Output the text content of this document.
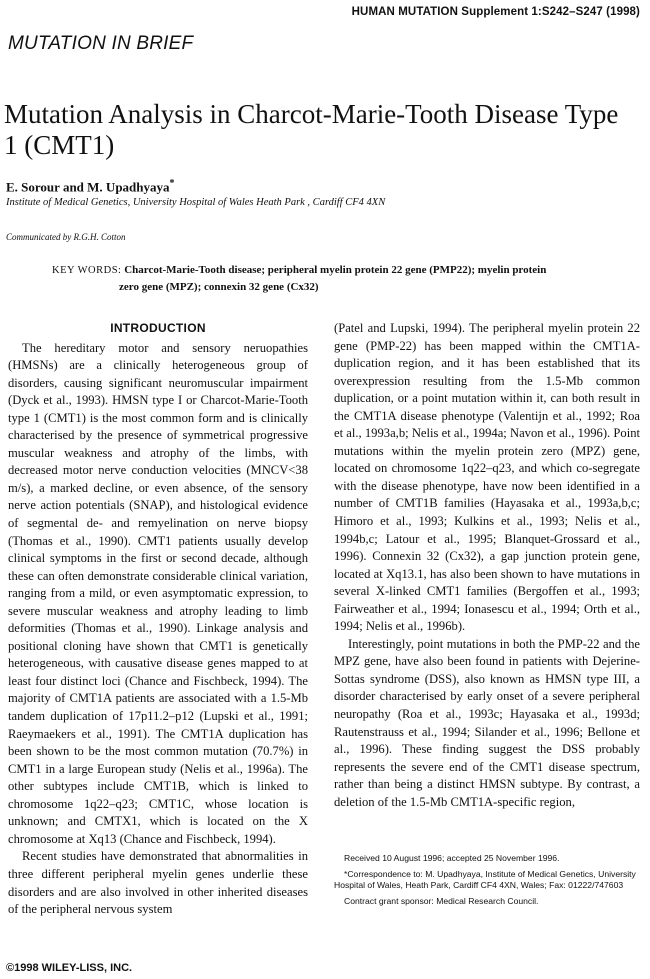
HUMAN MUTATION Supplement 1:S242–S247 (1998)
MUTATION IN BRIEF
Mutation Analysis in Charcot-Marie-Tooth Disease Type 1 (CMT1)
E. Sorour and M. Upadhyaya*
Institute of Medical Genetics, University Hospital of Wales Heath Park , Cardiff CF4 4XN
Communicated by R.G.H. Cotton
KEY WORDS: Charcot-Marie-Tooth disease; peripheral myelin protein 22 gene (PMP22); myelin protein
zero gene (MPZ); connexin 32 gene (Cx32)
INTRODUCTION

The hereditary motor and sensory neruopathies (HMSNs) are a clinically heterogeneous group of disorders, causing significant neuromuscular impairment (Dyck et al., 1993). HMSN type I or Charcot-Marie-Tooth type 1 (CMT1) is the most common form and is clinically characterised by the presence of symmetrical progressive muscular weakness and atrophy of the limbs, with decreased motor nerve conduction velocities (MNCV<38 m/s), a marked decline, or even absence, of the sensory nerve action potentials (SNAP), and histological evidence of segmental de- and remyelination on nerve biopsy (Thomas et al., 1990). CMT1 patients usually develop clinical symptoms in the first or second decade, although these can often demonstrate considerable clinical variation, ranging from a mild, or even asymptomatic expression, to severe muscular weakness and atrophy leading to limb deformities (Thomas et al., 1990). Linkage analysis and positional cloning have shown that CMT1 is genetically heterogeneous, with causative disease genes mapped to at least four distinct loci (Chance and Fischbeck, 1994). The majority of CMT1A patients are associated with a 1.5-Mb tandem duplication of 17p11.2–p12 (Lupski et al., 1991; Raeymaekers et al., 1991). The CMT1A duplication has been shown to be the most common mutation (70.7%) in CMT1 in a large European study (Nelis et al., 1996a). The other subtypes include CMT1B, which is linked to chromosome 1q22–q23; CMT1C, whose location is unknown; and CMTX1, which is located on the X chromosome at Xq13 (Chance and Fischbeck, 1994).

Recent studies have demonstrated that abnormalities in three different peripheral myelin genes underlie these disorders and are also involved in other inherited diseases of the peripheral nervous system

(Patel and Lupski, 1994). The peripheral myelin protein 22 gene (PMP-22) has been mapped within the CMT1A-duplication region, and it has been established that its overexpression resulting from the 1.5-Mb common duplication, or a point mutation within it, can both result in the CMT1A disease phenotype (Valentijn et al., 1992; Roa et al., 1993a,b; Nelis et al., 1994a; Navon et al., 1996). Point mutations within the myelin protein zero (MPZ) gene, located on chromosome 1q22–q23, and which co-segregate with the disease phenotype, have now been identified in a number of CMT1B families (Hayasaka et al., 1993a,b,c; Himoro et al., 1993; Kulkins et al., 1993; Nelis et al., 1994b,c; Latour et al., 1995; Blanquet-Grossard et al., 1996). Connexin 32 (Cx32), a gap junction protein gene, located at Xq13.1, has also been shown to have mutations in several X-linked CMT1 families (Bergoffen et al., 1993; Fairweather et al., 1994; Ionasescu et al., 1994; Orth et al., 1994; Nelis et al., 1996b).

Interestingly, point mutations in both the PMP-22 and the MPZ gene, have also been found in patients with Dejerine-Sottas syndrome (DSS), also known as HMSN type III, a disorder characterised by early onset of a severe peripheral neuropathy (Roa et al., 1993c; Hayasaka et al., 1993d; Rautenstrauss et al., 1994; Silander et al., 1996; Bellone et al., 1996). These finding suggest the DSS probably represents the severe end of the CMT1 disease spectrum, rather than being a distinct HMSN subtype. By contrast, a deletion of the 1.5-Mb CMT1A-specific region,

Received 10 August 1996; accepted 25 November 1996.

*Correspondence to: M. Upadhyaya, Institute of Medical Genetics, University Hospital of Wales, Heath Park, Cardiff CF4 4XN, Wales; Fax: 01222/747603

Contract grant sponsor: Medical Research Council.

©1998 WILEY-LISS, INC.
